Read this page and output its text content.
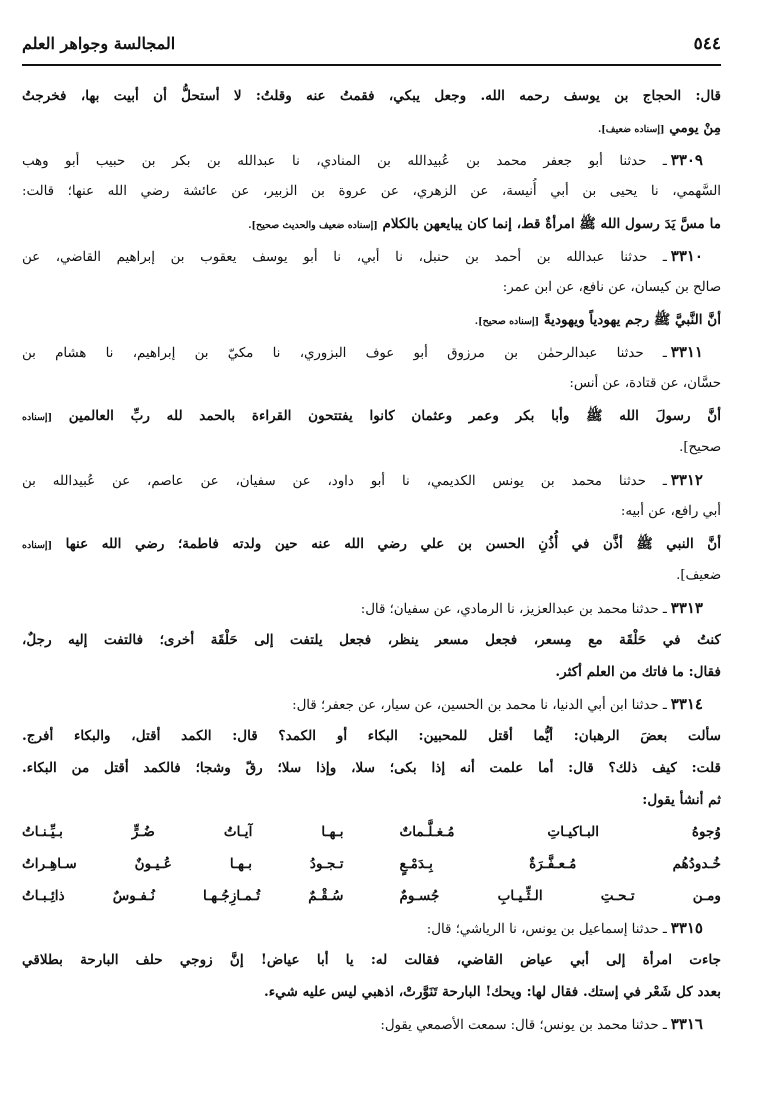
٥٤٤
المجالسة وجواهر العلم
قال: الحجاج بن يوسف رحمه الله. وجعل يبكي، فقمتُ عنه وقلتُ: لا أستحلُّ أن أبيت بها، فخرجتُ
مِنْ يومي [إسناده ضعيف].
٣٣٠٩ـ حدثنا أبو جعفر محمد بن عُبيدالله بن المنادي، نا عبدالله بن بكر بن حبيب أبو وهب
السَّهمي، نا يحيى بن أبي أُنيسة، عن الزهري، عن عروة بن الزبير، عن عائشة رضي الله عنها؛ قالت:
ما مسَّ يَدَ رسول الله ﷺ امرأةٌ قط، إنما كان يبايعهن بالكلام [إسناده ضعيف والحديث صحيح].
٣٣١٠ـ حدثنا عبدالله بن أحمد بن حنبل، نا أبي، نا أبو يوسف يعقوب بن إبراهيم القاضي، عن
صالح بن كيسان، عن نافع، عن ابن عمر:
أنَّ النَّبيَّ ﷺ رجم يهودياً ويهوديةً [إسناده صحيح].
٣٣١١ـ حدثنا عبدالرحمٰن بن مرزوق أبو عوف البزوري، نا مكيّ بن إبراهيم، نا هشام بن
حسَّان، عن قتادة، عن أنس:
أنَّ رسولَ الله ﷺ وأبا بكر وعمر وعثمان كانوا يفتتحون القراءة بالحمد لله ربِّ العالمين [إسناده
صحيح].
٣٣١٢ـ حدثنا محمد بن يونس الكديمي، نا أبو داود، عن سفيان، عن عاصم، عن عُبيدالله بن
أبي رافع، عن أبيه:
أنَّ النبي ﷺ أذَّن في أُذُنِ الحسن بن علي رضي الله عنه حين ولدته فاطمة؛ رضي الله عنها [إسناده
ضعيف].
٣٣١٣ـ حدثنا محمد بن عبدالعزيز، نا الرمادي، عن سفيان؛ قال:
كنتُ في حَلْقَة مع مِسعر، فجعل مسعر ينظر، فجعل يلتفت إلى حَلْقَة أخرى؛ فالتفت إليه رجلٌ،
فقال: ما فاتك من العلم أكثر.
٣٣١٤ـ حدثنا ابن أبي الدنيا، نا محمد بن الحسين، عن سيار، عن جعفر؛ قال:
سألت بعضَ الرهبان: أيُّما أقتل للمحبين: البكاء أو الكمد؟ قال: الكمد أقتل، والبكاء أفرج.
قلت: كيف ذلك؟ قال: أما علمت أنه إذا بكى؛ سلا، وإذا سلا؛ رقّ وشجا؛ فالكمد أقتل من البكاء.
ثم أنشأ يقول:
وُجوهُ البـاكيـاتِ مُـغـلَّـماتٌ
بـهـا آيـاتُ ضُـرٍّ بـيِّـنـاتُ
خُـدودُهُم مُـعـفَّـرَةٌ بِـدَمْـعٍ
تـجـودُ بـهـا عُـيـونٌ سـاهِـراتُ
ومـن تـحـتِ الـثِّـيـابِ جُسـومٌ
سُـقْـمٌ تُـمـازِجُـهـا نُـفـوسٌ ذائِـبـاتُ
٣٣١٥ـ حدثنا إسماعيل بن يونس، نا الرياشي؛ قال:
جاءت امرأة إلى أبي عياض القاضي، فقالت له: يا أبا عياض! إنَّ زوجي حلف البارحة بطلاقي
بعدد كل شَعْر في إستك. فقال لها: ويحك! البارحة تَنَوَّرتْ، اذهبي ليس عليه شيء.
٣٣١٦ـ حدثنا محمد بن يونس؛ قال: سمعت الأصمعي يقول:
